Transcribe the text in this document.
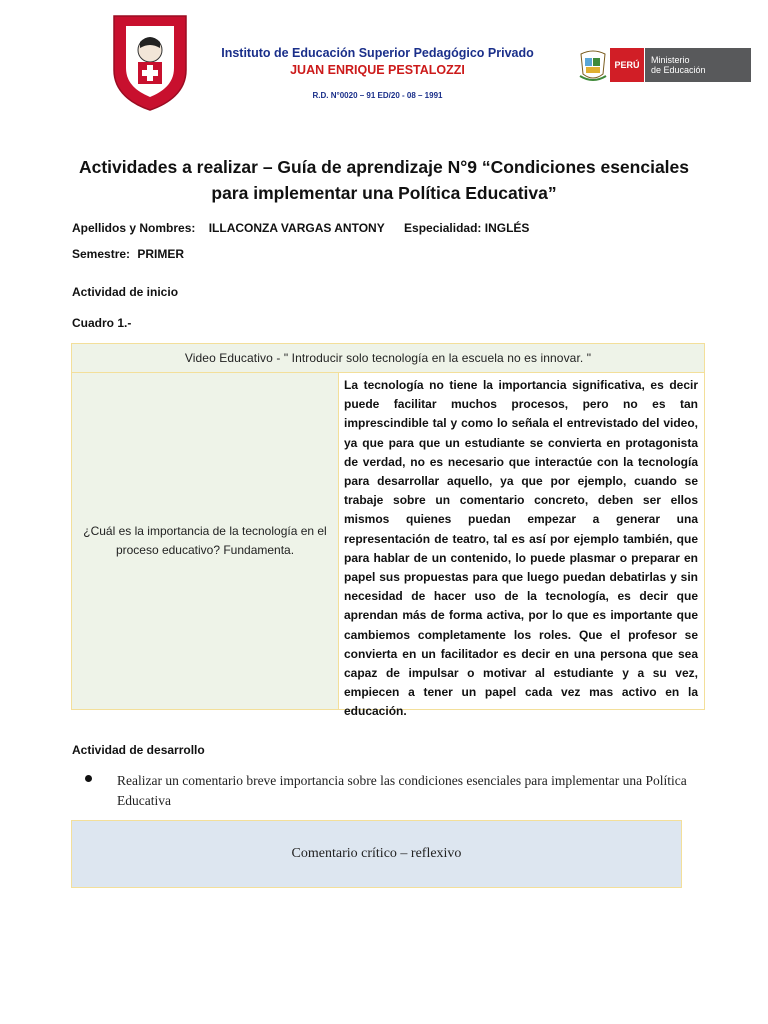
Instituto de Educación Superior Pedagógico Privado
JUAN ENRIQUE PESTALOZZI
R.D. N°0020 – 91 ED/20 - 08 – 1991
PERÚ	Ministerio
de Educación
Actividades a realizar – Guía de aprendizaje N°9 “Condiciones esenciales
para implementar una Política Educativa”
Apellidos y Nombres: ILLACONZA VARGAS ANTONY Especialidad: INGLÉS
Semestre: PRIMER
Actividad de inicio
Cuadro 1.-
Video Educativo - " Introducir solo tecnología en la escuela no es innovar. "
¿Cuál es la importancia de la tecnología en el proceso educativo? Fundamenta.
La tecnología no tiene la importancia significativa, es decir puede facilitar muchos procesos, pero no es tan imprescindible tal y como lo señala el entrevistado del video, ya que para que un estudiante se convierta en protagonista de verdad, no es necesario que interactúe con la tecnología para desarrollar aquello, ya que por ejemplo, cuando se trabaje sobre un comentario concreto, deben ser ellos mismos quienes puedan empezar a generar una representación de teatro, tal es así por ejemplo también, que para hablar de un contenido, lo puede plasmar o preparar en papel sus propuestas para que luego puedan debatirlas y sin necesidad de hacer uso de la tecnología, es decir que aprendan más de forma activa, por lo que es importante que cambiemos completamente los roles. Que el profesor se convierta en un facilitador es decir en una persona que sea capaz de impulsar o motivar al estudiante y a su vez, empiecen a tener un papel cada vez mas activo en la educación.
Actividad de desarrollo
Realizar un comentario breve importancia sobre las condiciones esenciales para implementar una Política Educativa
Comentario crítico – reflexivo
